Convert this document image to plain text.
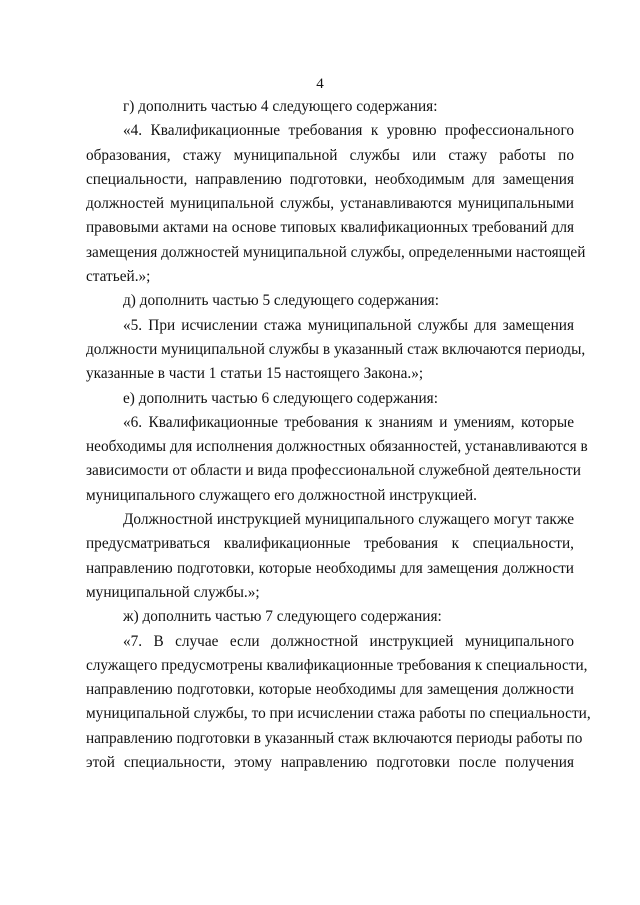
4
г) дополнить частью 4 следующего содержания:
«4. Квалификационные требования к уровню профессионального
образования, стажу муниципальной службы или стажу работы по
специальности, направлению подготовки, необходимым для замещения
должностей муниципальной службы, устанавливаются муниципальными
правовыми актами на основе типовых квалификационных требований для
замещения должностей муниципальной службы, определенными настоящей
статьей.»;
д) дополнить частью 5 следующего содержания:
«5. При исчислении стажа муниципальной службы для замещения
должности муниципальной службы в указанный стаж включаются периоды,
указанные в части 1 статьи 15 настоящего Закона.»;
е) дополнить частью 6 следующего содержания:
«6. Квалификационные требования к знаниям и умениям, которые
необходимы для исполнения должностных обязанностей, устанавливаются в
зависимости от области и вида профессиональной служебной деятельности
муниципального служащего его должностной инструкцией.
Должностной инструкцией муниципального служащего могут также
предусматриваться квалификационные требования к специальности,
направлению подготовки, которые необходимы для замещения должности
муниципальной службы.»;
ж) дополнить частью 7 следующего содержания:
«7. В случае если должностной инструкцией муниципального
служащего предусмотрены квалификационные требования к специальности,
направлению подготовки, которые необходимы для замещения должности
муниципальной службы, то при исчислении стажа работы по специальности,
направлению подготовки в указанный стаж включаются периоды работы по
этой специальности, этому направлению подготовки после получения
